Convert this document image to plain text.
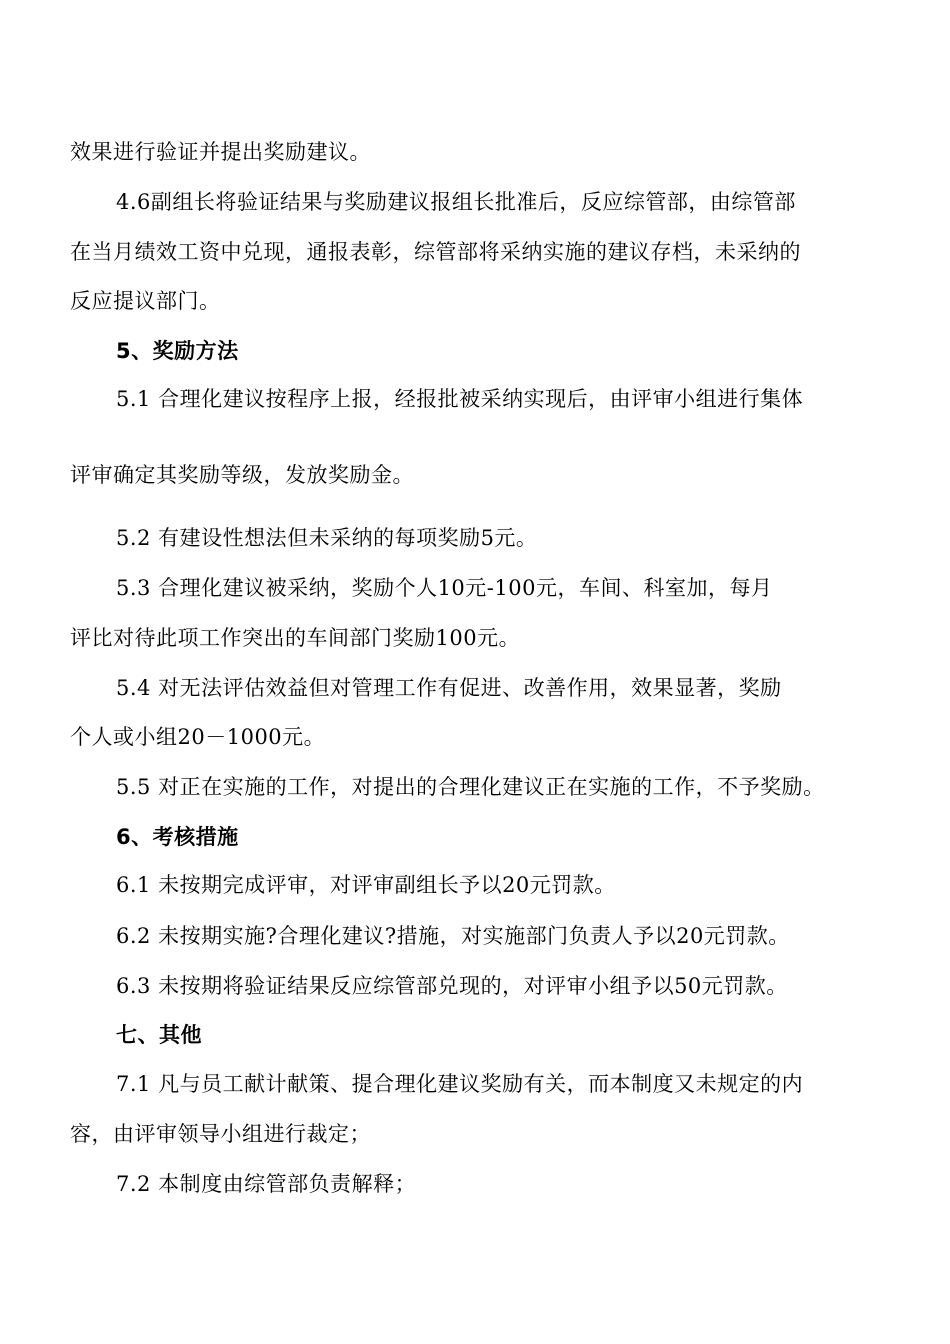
效果进行验证并提出奖励建议。
4.6副组长将验证结果与奖励建议报组长批准后，反应综管部，由综管部
在当月绩效工资中兑现，通报表彰，综管部将采纳实施的建议存档，未采纳的
反应提议部门。
5、奖励方法
5.1 合理化建议按程序上报，经报批被采纳实现后，由评审小组进行集体
评审确定其奖励等级，发放奖励金。
5.2 有建设性想法但未采纳的每项奖励5元。
5.3 合理化建议被采纳，奖励个人10元-100元，车间、科室加，每月
评比对待此项工作突出的车间部门奖励100元。
5.4 对无法评估效益但对管理工作有促进、改善作用，效果显著，奖励
个人或小组20－1000元。
5.5 对正在实施的工作，对提出的合理化建议正在实施的工作，不予奖励。
6、考核措施
6.1 未按期完成评审，对评审副组长予以20元罚款。
6.2 未按期实施?合理化建议?措施，对实施部门负责人予以20元罚款。
6.3 未按期将验证结果反应综管部兑现的，对评审小组予以50元罚款。
七、其他
7.1 凡与员工献计献策、提合理化建议奖励有关，而本制度又未规定的内
容，由评审领导小组进行裁定；
7.2 本制度由综管部负责解释；
